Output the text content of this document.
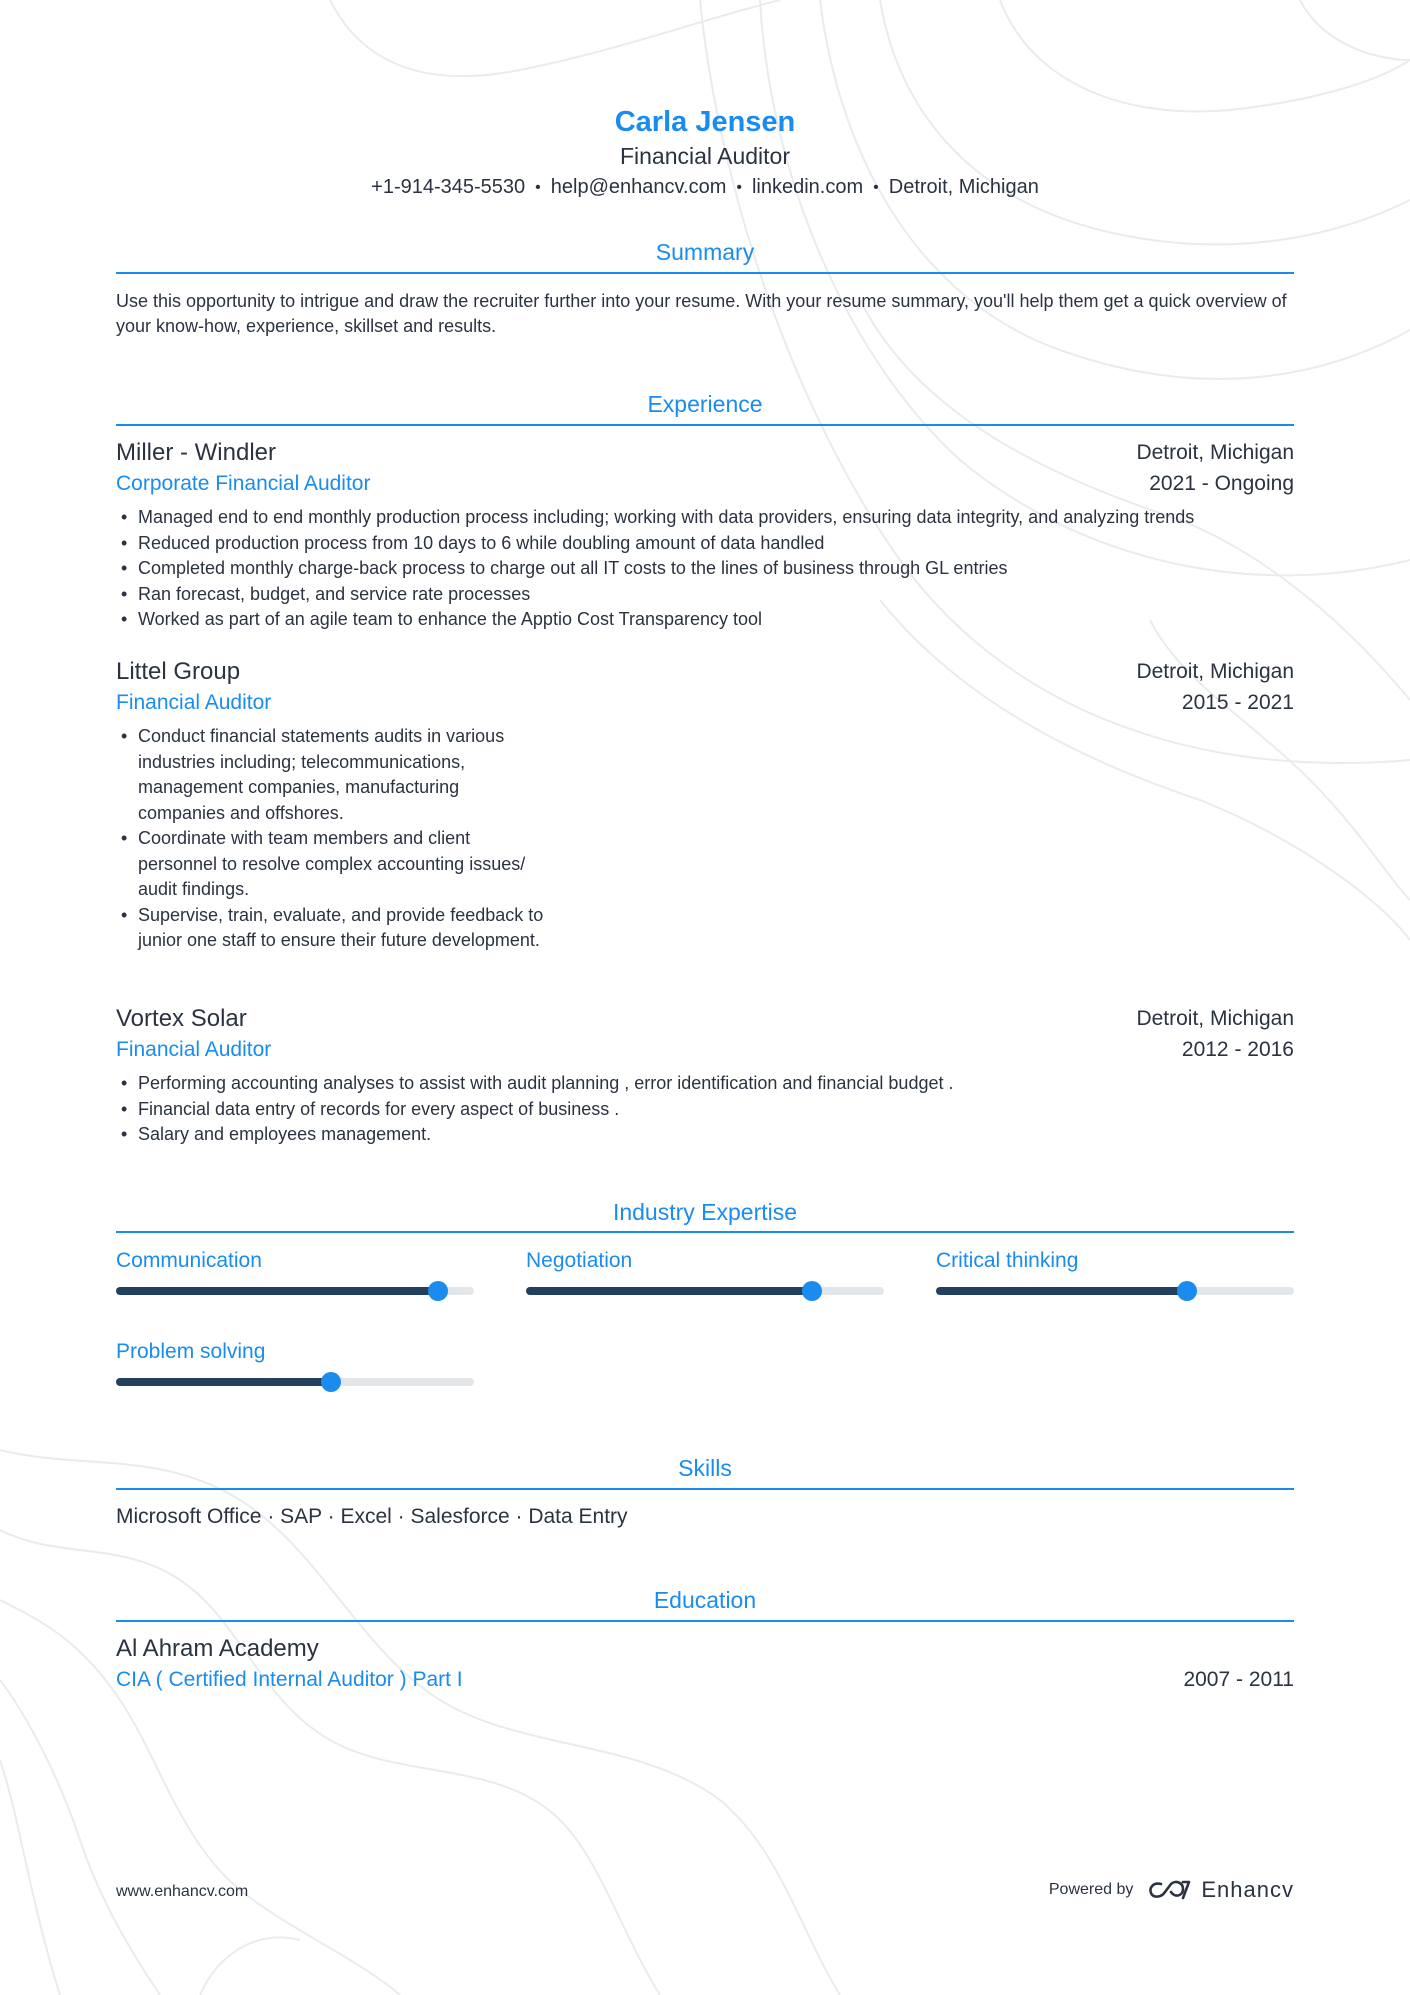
Carla Jensen
Financial Auditor
+1-914-345-5530 • help@enhancv.com • linkedin.com • Detroit, Michigan
Summary
Use this opportunity to intrigue and draw the recruiter further into your resume. With your resume summary, you'll help them get a quick overview of your know-how, experience, skillset and results.
Experience
Miller - Windler	Detroit, Michigan
Corporate Financial Auditor	2021 - Ongoing
• Managed end to end monthly production process including; working with data providers, ensuring data integrity, and analyzing trends
• Reduced production process from 10 days to 6 while doubling amount of data handled
• Completed monthly charge-back process to charge out all IT costs to the lines of business through GL entries
• Ran forecast, budget, and service rate processes
• Worked as part of an agile team to enhance the Apptio Cost Transparency tool
Littel Group	Detroit, Michigan
Financial Auditor	2015 - 2021
• Conduct financial statements audits in various industries including; telecommunications, management companies, manufacturing companies and offshores.
• Coordinate with team members and client personnel to resolve complex accounting issues/ audit findings.
• Supervise, train, evaluate, and provide feedback to junior one staff to ensure their future development.
Vortex Solar	Detroit, Michigan
Financial Auditor	2012 - 2016
• Performing accounting analyses to assist with audit planning , error identification and financial budget .
• Financial data entry of records for every aspect of business .
• Salary and employees management.
Industry Expertise
Communication	Negotiation	Critical thinking
Problem solving
Skills
Microsoft Office · SAP · Excel · Salesforce · Data Entry
Education
Al Ahram Academy
CIA ( Certified Internal Auditor ) Part I	2007 - 2011
www.enhancv.com	Powered by	Enhancv
